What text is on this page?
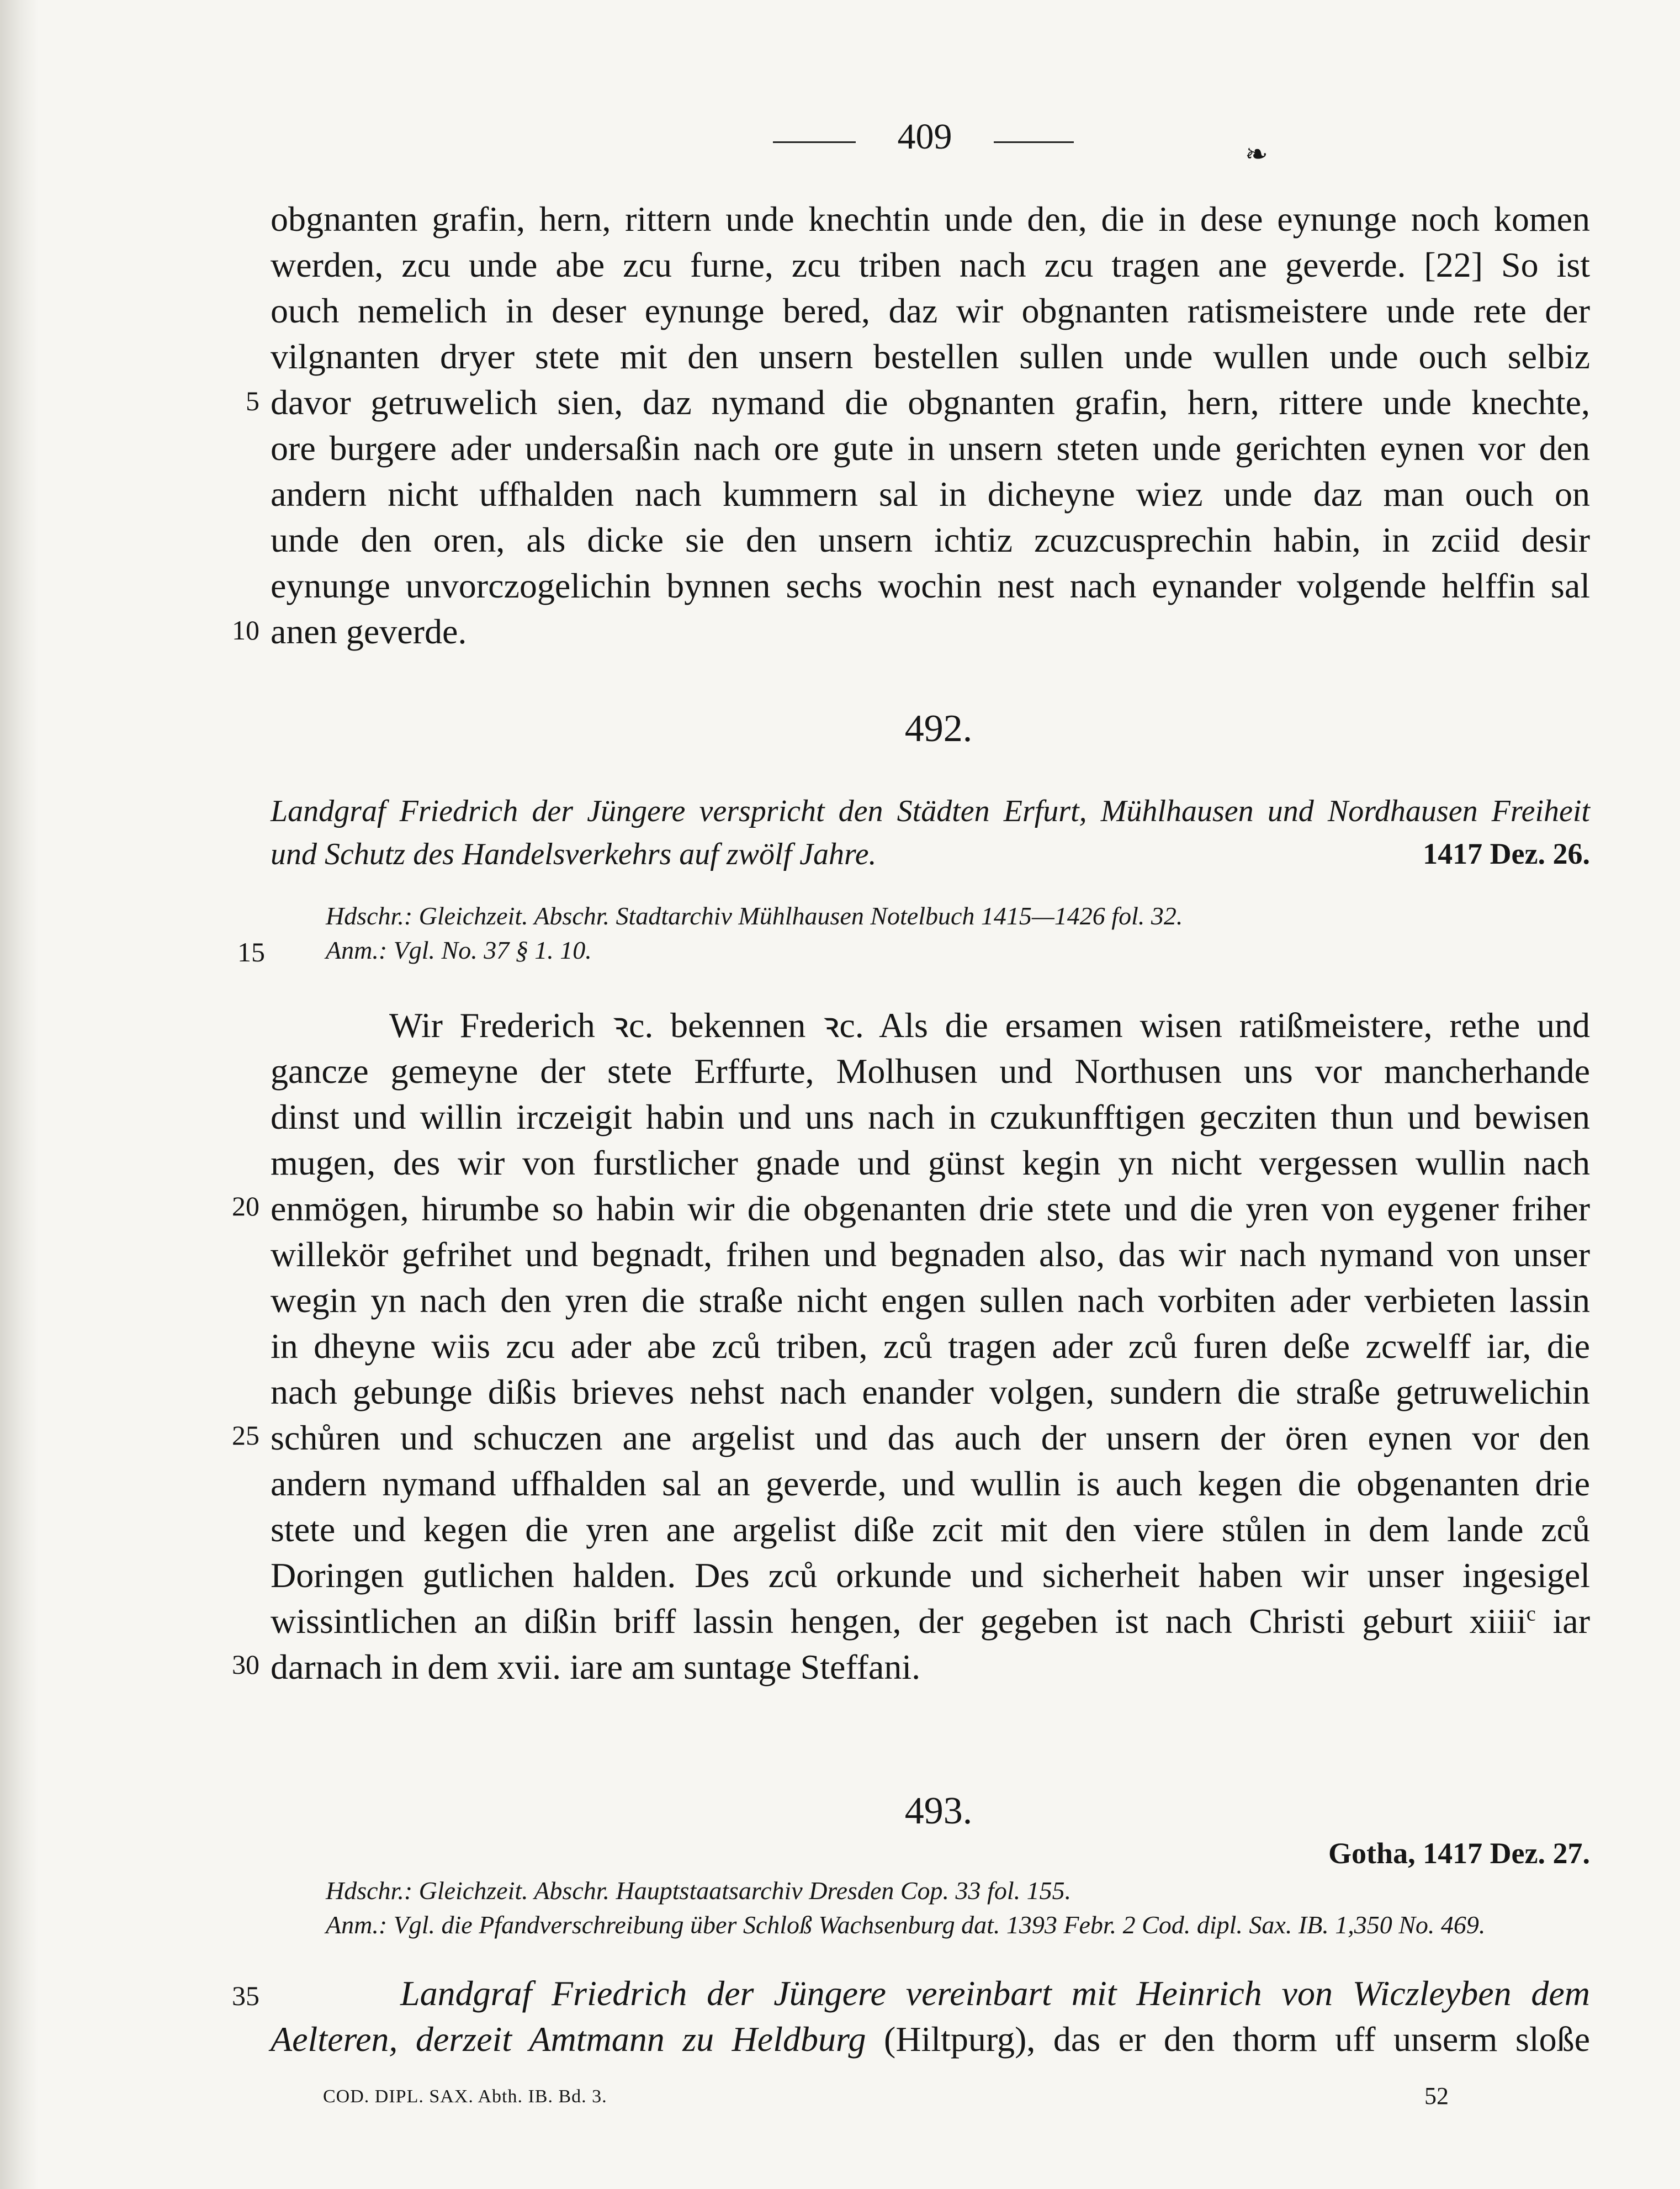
409	❧
obgnanten grafin, hern, rittern unde knechtin unde den, die in dese eynunge noch komen
werden, zcu unde abe zcu furne, zcu triben nach zcu tragen ane geverde. [22] So ist
ouch nemelich in deser eynunge bered, daz wir obgnanten ratismeistere unde rete der
vilgnanten dryer stete mit den unsern bestellen sullen unde wullen unde ouch selbiz
davor getruwelich sien, daz nymand die obgnanten grafin, hern, rittere unde knechte,
ore burgere ader undersaßin nach ore gute in unsern steten unde gerichten eynen vor den
andern nicht uffhalden nach kummern sal in dicheyne wiez unde daz man ouch on
unde den oren, als dicke sie den unsern ichtiz zcuzcusprechin habin, in zciid desir
eynunge unvorczogelichin bynnen sechs wochin nest nach eynander volgende helffin sal
anen geverde.
5
10
492.
Landgraf Friedrich der Jüngere verspricht den Städten Erfurt, Mühlhausen und Nordhausen Freiheit
und Schutz des Handelsverkehrs auf zwölf Jahre.	1417 Dez. 26.
Hdschr.: Gleichzeit. Abschr. Stadtarchiv Mühlhausen Notelbuch 1415—1426 fol. 32.
Anm.: Vgl. No. 37 § 1. 10.
15
Wir Frederich ꝛc. bekennen ꝛc. Als die ersamen wisen ratißmeistere, rethe und
gancze gemeyne der stete Erffurte, Molhusen und Northusen uns vor mancherhande
dinst und willin irczeigit habin und uns nach in czukunfftigen gecziten thun und bewisen
mugen, des wir von furstlicher gnade und günst kegin yn nicht vergessen wullin nach
enmögen, hirumbe so habin wir die obgenanten drie stete und die yren von eygener friher
willekör gefrihet und begnadt, frihen und begnaden also, das wir nach nymand von unser
wegin yn nach den yren die straße nicht engen sullen nach vorbiten ader verbieten lassin
in dheyne wiis zcu ader abe zců triben, zců tragen ader zců furen deße zcwelff iar, die
nach gebunge dißis brieves nehst nach enander volgen, sundern die straße getruwelichin
schůren und schuczen ane argelist und das auch der unsern der ören eynen vor den
andern nymand uffhalden sal an geverde, und wullin is auch kegen die obgenanten drie
stete und kegen die yren ane argelist diße zcit mit den viere stůlen in dem lande zců
Doringen gutlichen halden. Des zců orkunde und sicherheit haben wir unser ingesigel
wissintlichen an dißin briff lassin hengen, der gegeben ist nach Christi geburt xiiii$^c$ iar
darnach in dem xvii. iare am suntage Steffani.
20
25
30
493.
Gotha, 1417 Dez. 27.
Hdschr.: Gleichzeit. Abschr. Hauptstaatsarchiv Dresden Cop. 33 fol. 155.
Anm.: Vgl. die Pfandverschreibung über Schloß Wachsenburg dat. 1393 Febr. 2 Cod. dipl. Sax. IB. 1,350 No. 469.
35	Landgraf Friedrich der Jüngere vereinbart mit Heinrich von Wiczleyben dem
Aelteren, derzeit Amtmann zu Heldburg (Hiltpurg), das er den thorm uff unserm sloße
COD. DIPL. SAX. Abth. IB. Bd. 3.	52
